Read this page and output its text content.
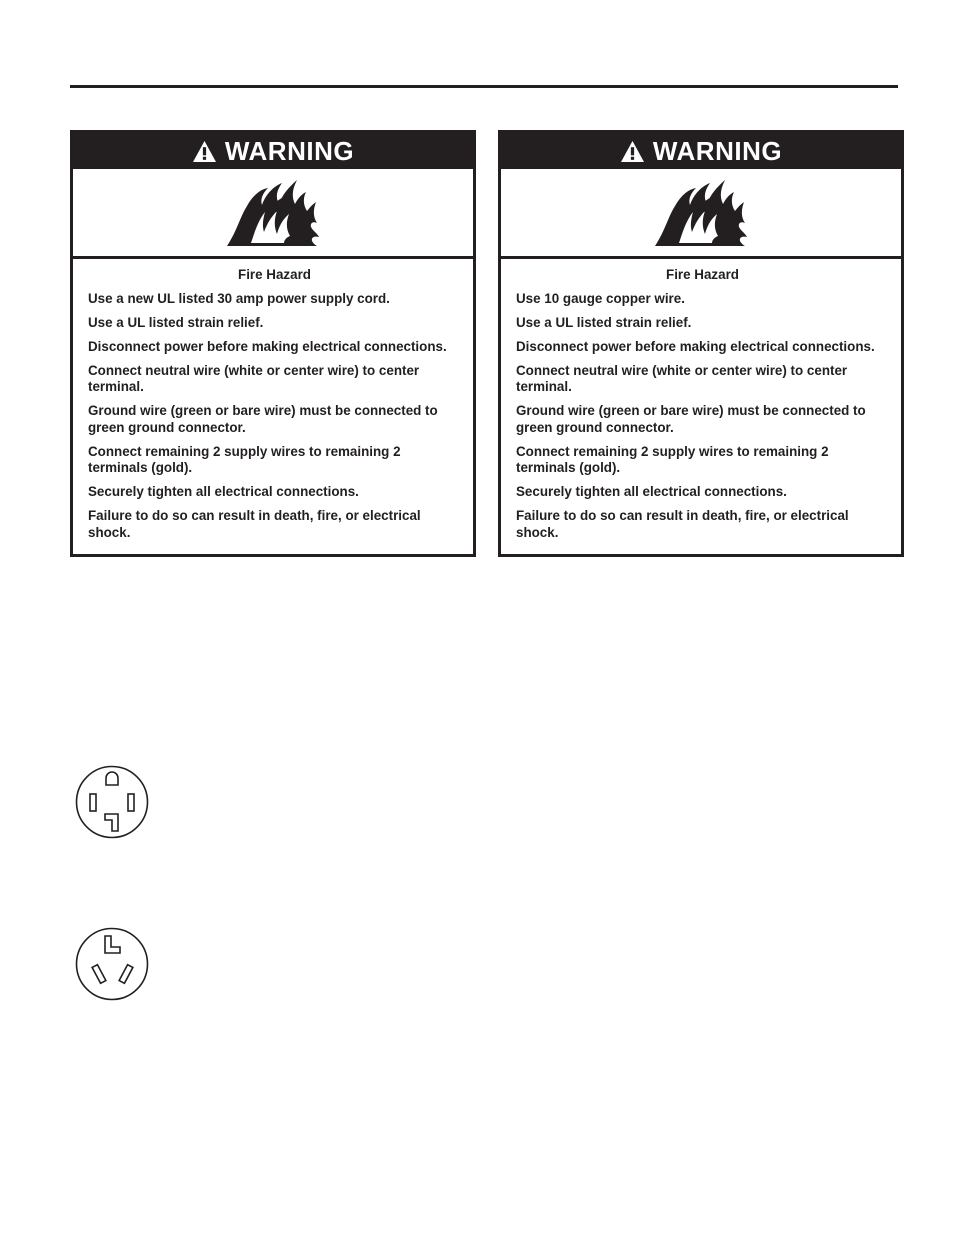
WARNING

Fire Hazard

Use a new UL listed 30 amp power supply cord.

Use a UL listed strain relief.

Disconnect power before making electrical connections.

Connect neutral wire (white or center wire) to center terminal.

Ground wire (green or bare wire) must be connected to green ground connector.

Connect remaining 2 supply wires to remaining 2 terminals (gold).

Securely tighten all electrical connections.

Failure to do so can result in death, fire, or electrical shock.

WARNING

Fire Hazard

Use 10 gauge copper wire.

Use a UL listed strain relief.

Disconnect power before making electrical connections.

Connect neutral wire (white or center wire) to center terminal.

Ground wire (green or bare wire) must be connected to green ground connector.

Connect remaining 2 supply wires to remaining 2 terminals (gold).

Securely tighten all electrical connections.

Failure to do so can result in death, fire, or electrical shock.
